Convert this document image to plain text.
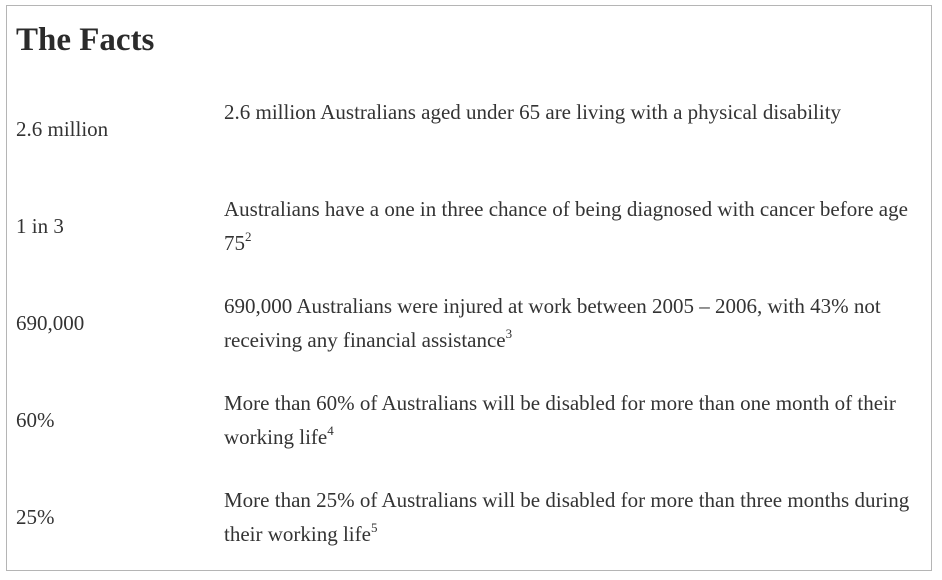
The Facts
2.6 million
2.6 million Australians aged under 65 are living with a physical disability
1 in 3
Australians have a one in three chance of being diagnosed with cancer before age $75^2$
690,000
690,000 Australians were injured at work between 2005 – 2006, with 43% not receiving any financial assistance$^3$
60%
More than 60% of Australians will be disabled for more than one month of their working life$^4$
25%
More than 25% of Australians will be disabled for more than three months during their working life$^5$
